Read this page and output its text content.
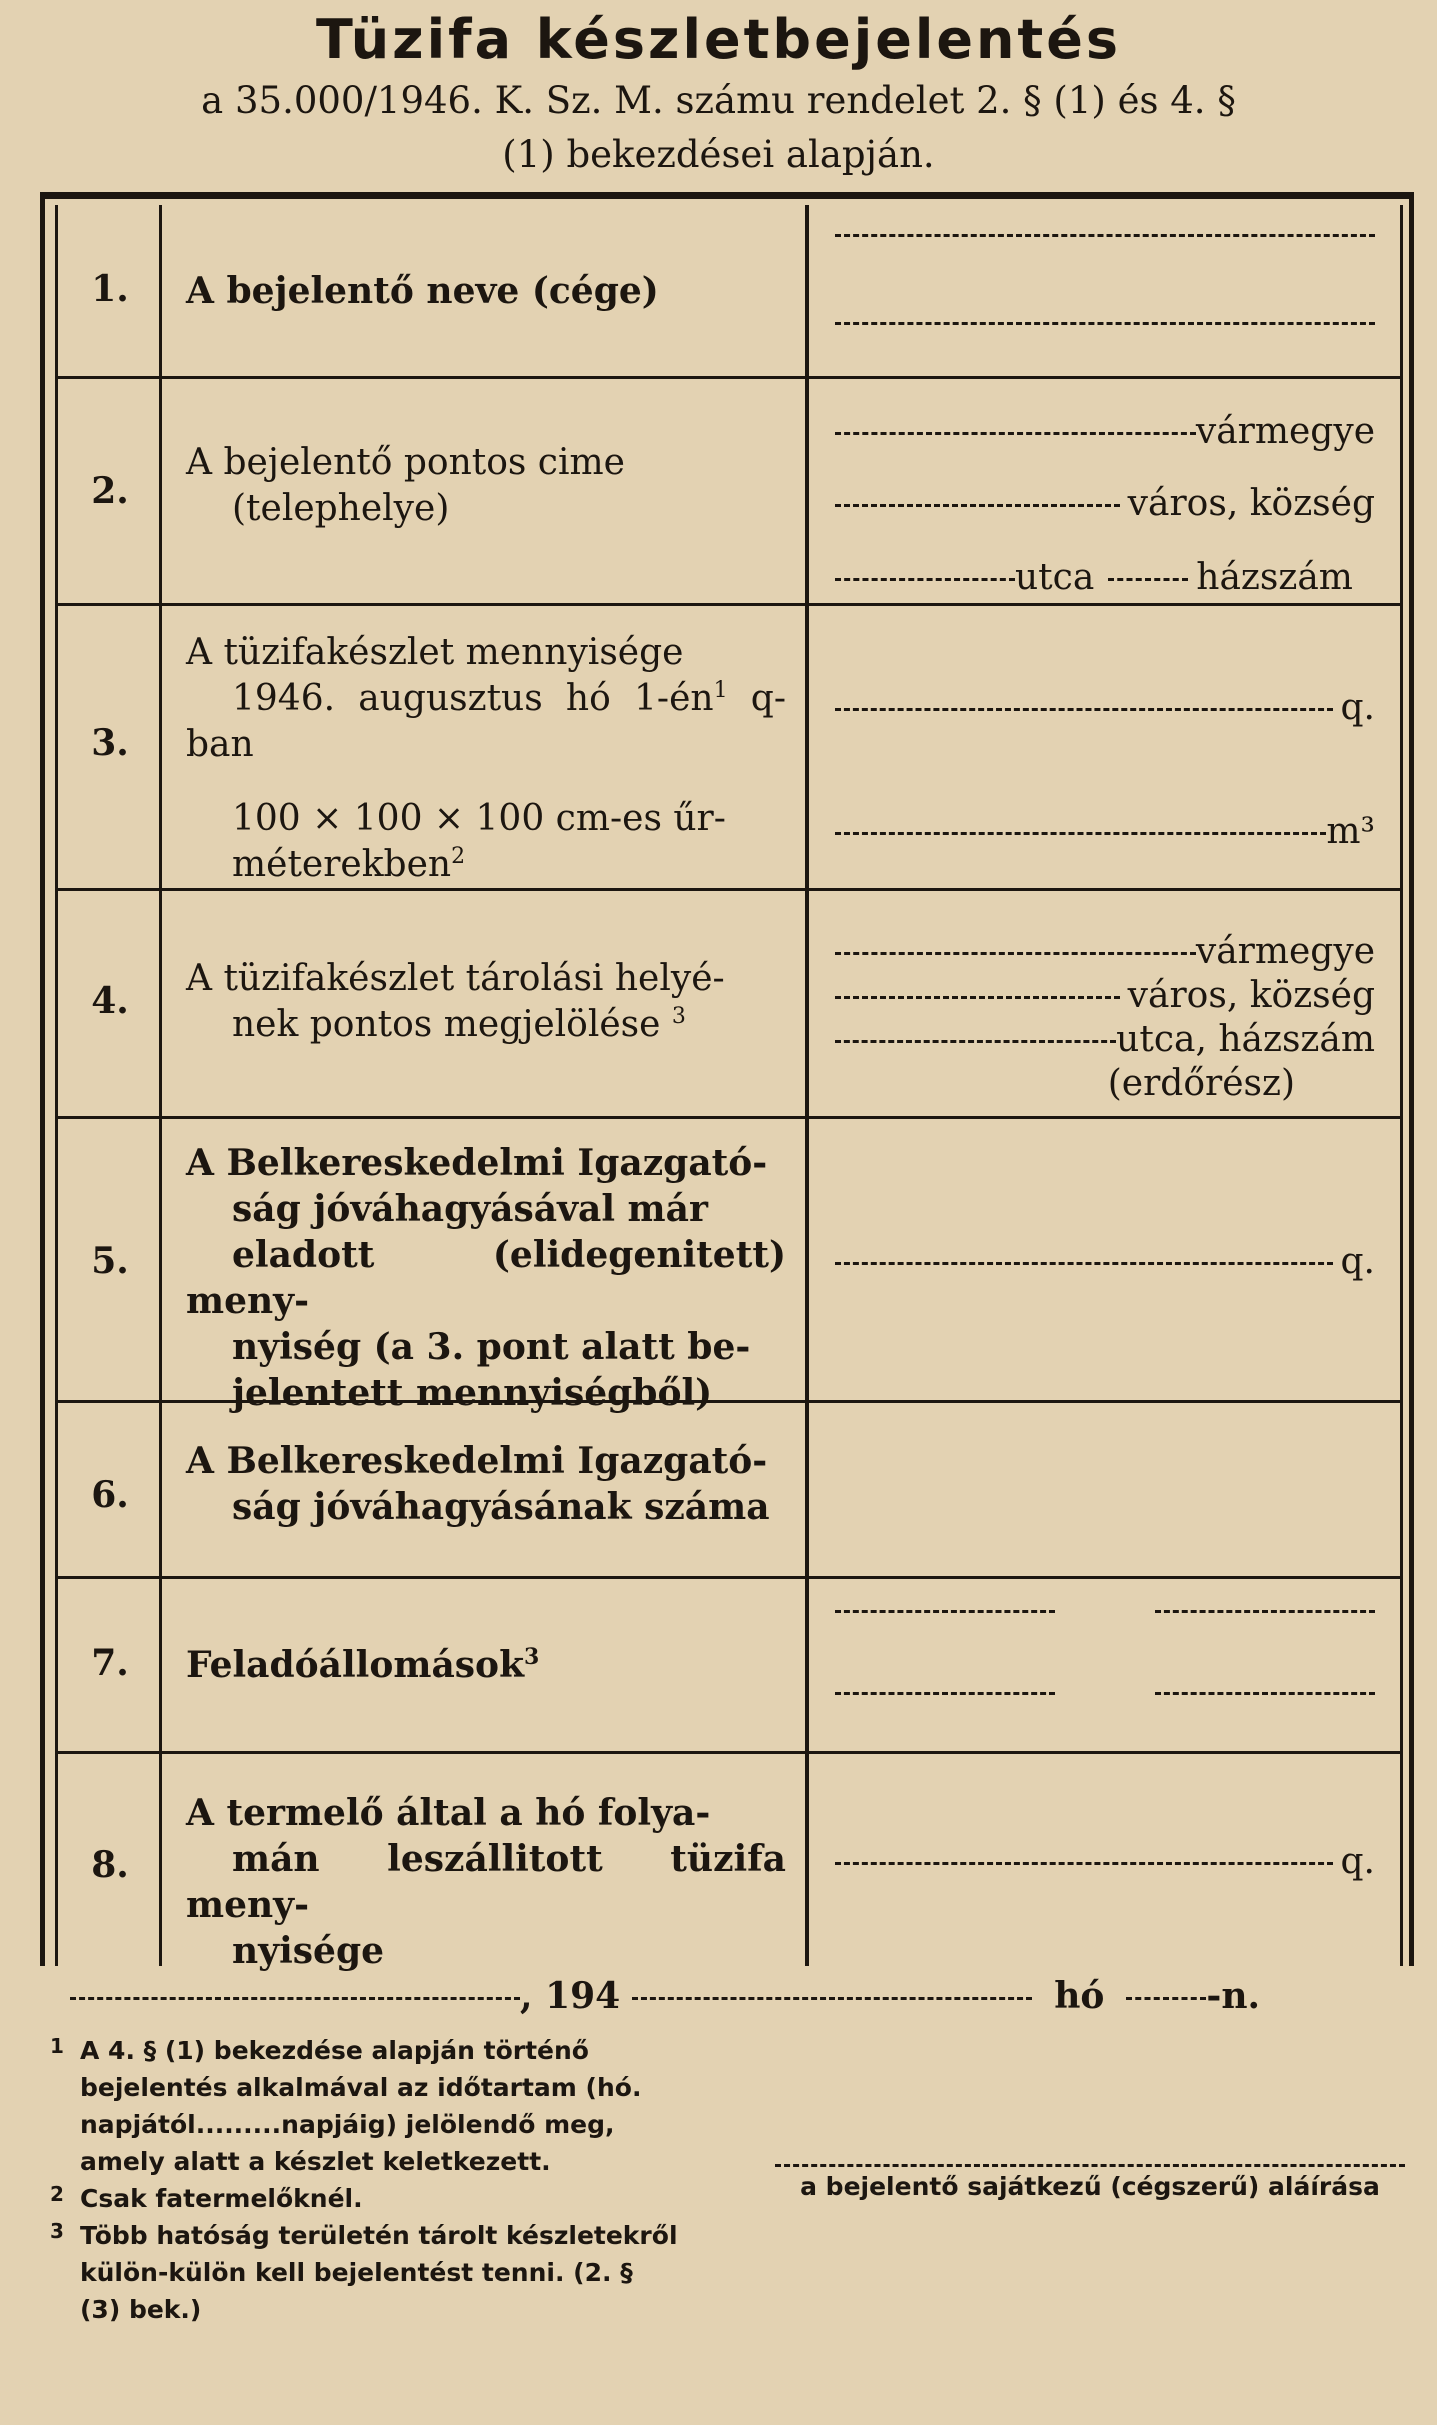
Tüzifa készletbejelentés
a 35.000/1946. K. Sz. M. számu rendelet 2. § (1) és 4. §
(1) bekezdései alapján.
1.	A bejelentő neve (cége)
2.
A bejelentő pontos cime
(telephelye)
vármegye
város, község
utca	házszám
3.
A tüzifakészlet mennyisége
1946. augusztus hó $1-én^1$ q-ban

100 × 100 × 100 cm-es űr-
méterekben$^2$
q.
m³
4.
A tüzifakészlet tárolási helyé-
nek pontos megjelölése $^3$
vármegye
város, község
utca, házszám
(erdőrész)
5.
A Belkereskedelmi Igazgató-
ság jóváhagyásával már
eladott (elidegenitett) meny-
nyiség (a 3. pont alatt be-
jelentett mennyiségből)
q.
6.
A Belkereskedelmi Igazgató-
ság jóváhagyásának száma
7.	Feladóállomások$^3$
8.
A termelő által a hó folya-
mán leszállitott tüzifa meny-
nyisége
q.
, 194	hó	-n.
1 A 4. § (1) bekezdése alapján történő bejelentés alkalmával az időtartam (hó. napjától.........napjáig) jelölendő meg, amely alatt a készlet keletkezett.
2 Csak fatermelőknél.
3 Több hatóság területén tárolt készletekről külön-külön kell bejelentést tenni. (2. § (3) bek.)
a bejelentő sajátkezű (cégszerű) aláírása
